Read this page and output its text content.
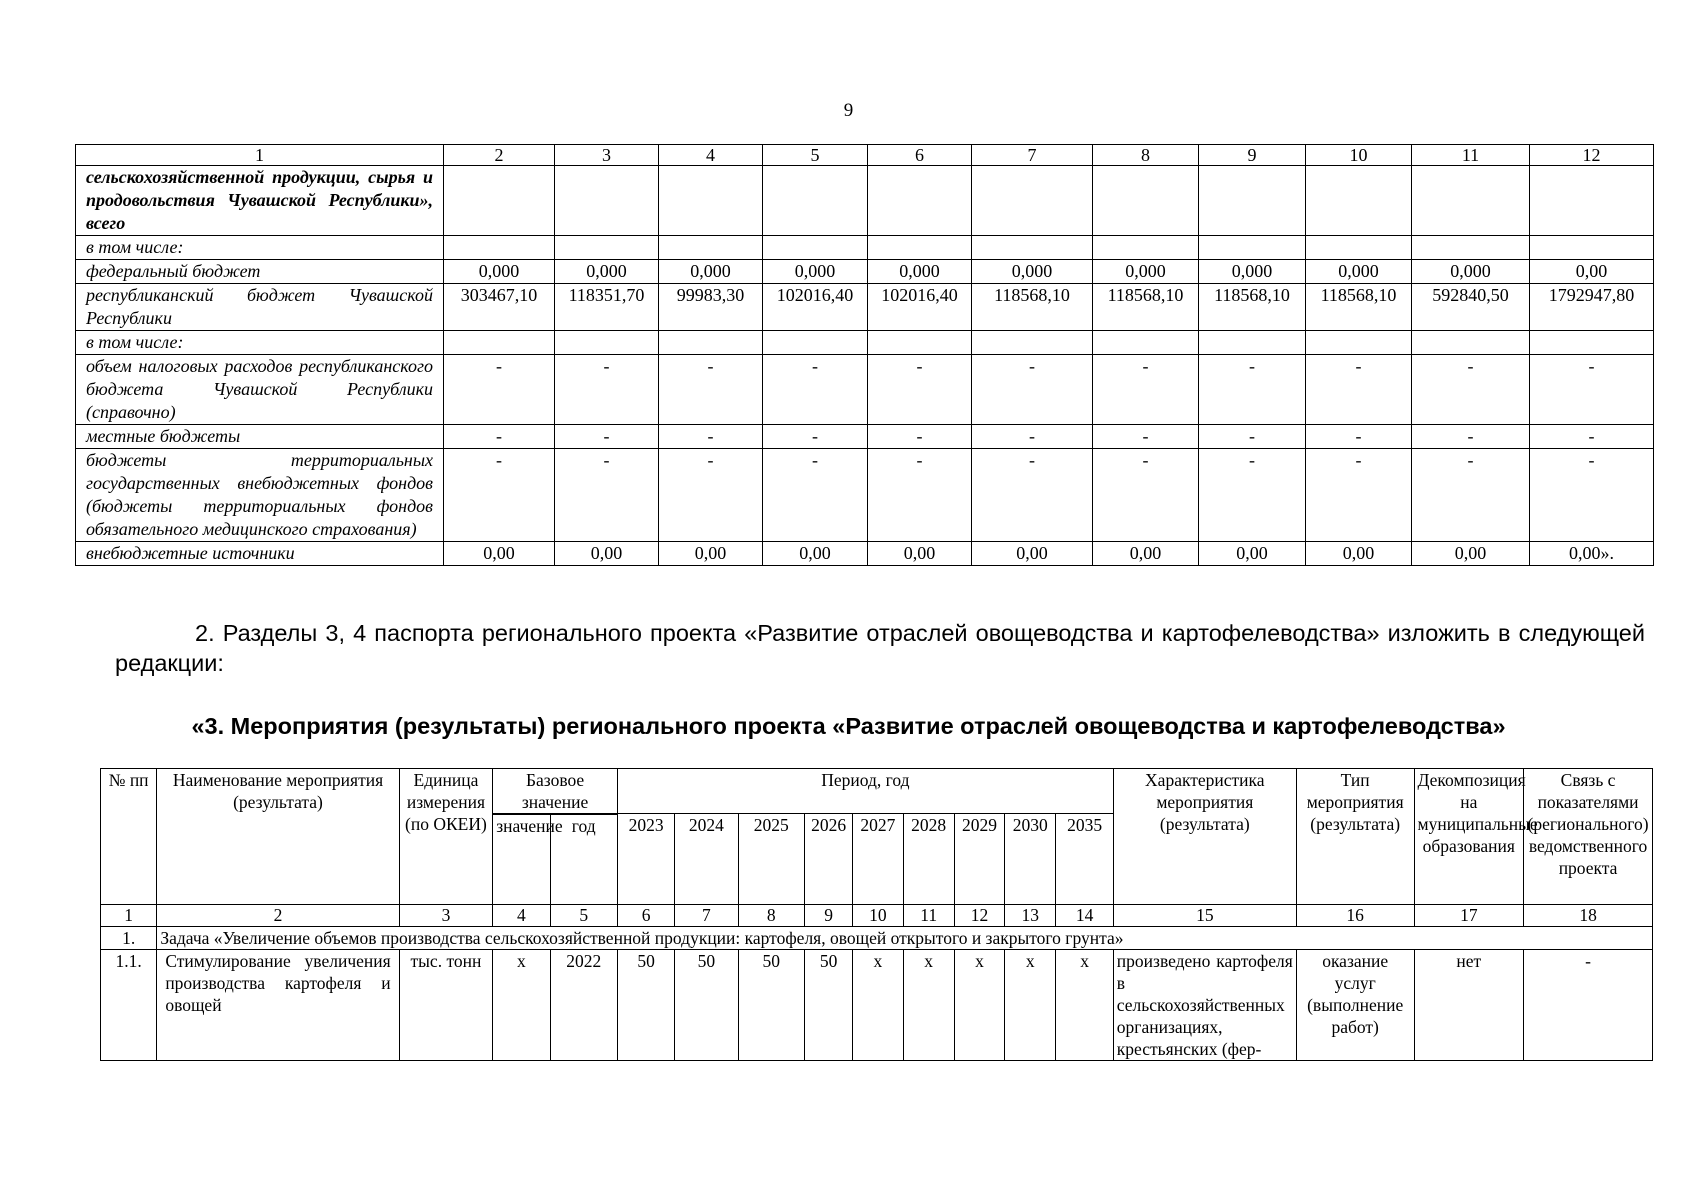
9
1	2	3	4	5	6	7	8	9	10	11	12
сельскохозяйственной продукции, сырья и продовольствия Чувашской Республики», всего											
в том числе:											
федеральный бюджет	0,000	0,000	0,000	0,000	0,000	0,000	0,000	0,000	0,000	0,000	0,00
республиканский бюджет Чувашской Республики	303467,10	118351,70	99983,30	102016,40	102016,40	118568,10	118568,10	118568,10	118568,10	592840,50	1792947,80
в том числе:											
объем налоговых расходов республиканского бюджета Чувашской Республики (справочно)	-	-	-	-	-	-	-	-	-	-	-
местные бюджеты	-	-	-	-	-	-	-	-	-	-	-
бюджеты территориальных государственных внебюджетных фондов (бюджеты территориальных фондов обязательного медицинского страхования)	-	-	-	-	-	-	-	-	-	-	-
внебюджетные источники	0,00	0,00	0,00	0,00	0,00	0,00	0,00	0,00	0,00	0,00	0,00».
2. Разделы 3, 4 паспорта регионального проекта «Развитие отраслей овощеводства и картофелеводства» изложить в следующей редакции:
«3. Мероприятия (результаты) регионального проекта «Развитие отраслей овощеводства и картофелеводства»
№ пп	Наименование мероприятия (результата)	Единица измерения (по ОКЕИ)	Базовое значение		Период, год									Характеристика мероприятия (результата)	Тип мероприятия (результата)	Декомпозиция на муниципальные образования	Связь с показателями (регионального) ведомственного проекта
					2023	2024	2025	2026	2027	2028	2029	2030	2035				
			значение	год													
1	2	3	4	5	6	7	8	9	10	11	12	13	14	15	16	17	18
1.	Задача «Увеличение объемов производства сельскохозяйственной продукции: картофеля, овощей открытого и закрытого грунта»																
1.1.	Стимулирование увеличения производства картофеля и овощей	тыс. тонн	х	2022	50	50	50	50	х	х	х	х	х	произведено картофеля в сельскохозяйственных организациях, крестьянских (фер-	оказание услуг (выполнение работ)	нет	-
